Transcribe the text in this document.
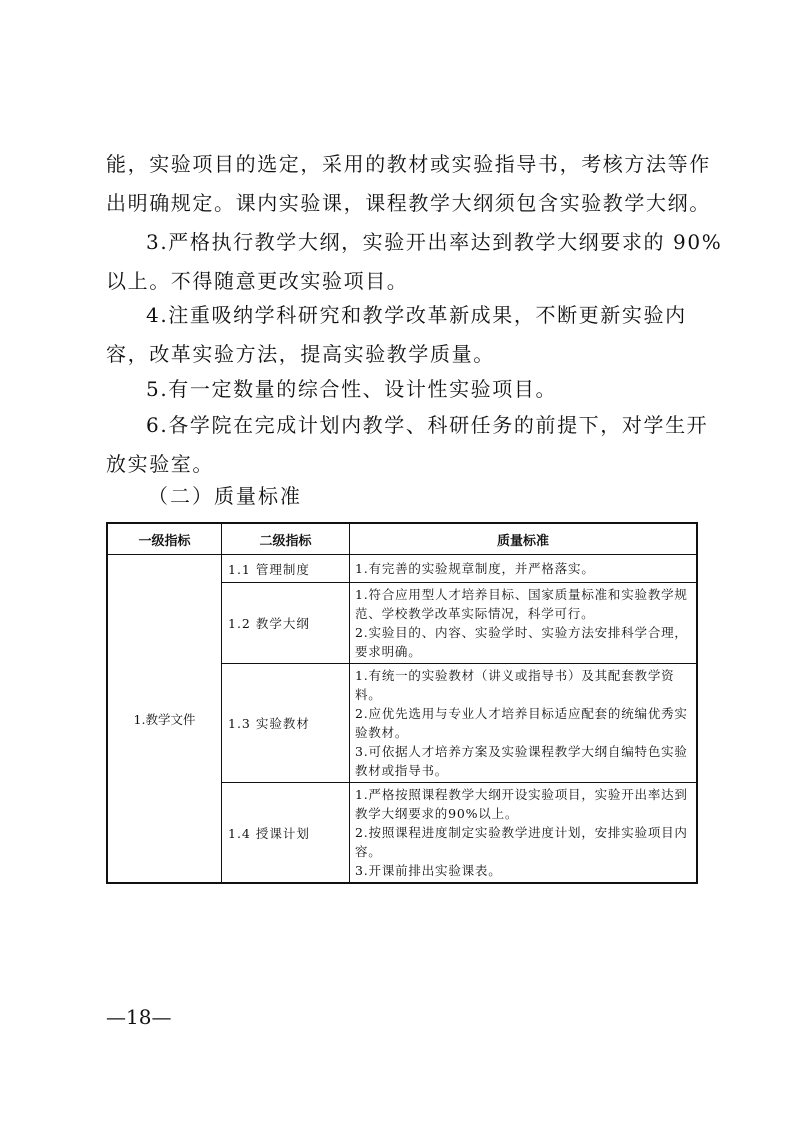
能，实验项目的选定，采用的教材或实验指导书，考核方法等作
出明确规定。课内实验课，课程教学大纲须包含实验教学大纲。
3.严格执行教学大纲，实验开出率达到教学大纲要求的 90%
以上。不得随意更改实验项目。
4.注重吸纳学科研究和教学改革新成果，不断更新实验内
容，改革实验方法，提高实验教学质量。
5.有一定数量的综合性、设计性实验项目。
6.各学院在完成计划内教学、科研任务的前提下，对学生开
放实验室。
（二）质量标准
一级指标	二级指标	质量标准
1.教学文件	1.1 管理制度	1.有完善的实验规章制度，并严格落实。

	1.2 教学大纲	1.符合应用型人才培养目标、国家质量标准和实验教学规范、学校教学改革实际情况，科学可行。
2.实验目的、内容、实验学时、实验方法安排科学合理，要求明确。

	1.3 实验教材	1.有统一的实验教材（讲义或指导书）及其配套教学资料。
2.应优先选用与专业人才培养目标适应配套的统编优秀实验教材。
3.可依据人才培养方案及实验课程教学大纲自编特色实验教材或指导书。

	1.4 授课计划	1.严格按照课程教学大纲开设实验项目，实验开出率达到教学大纲要求的90%以上。
2.按照课程进度制定实验教学进度计划，安排实验项目内容。
3.开课前排出实验课表。
—18—
